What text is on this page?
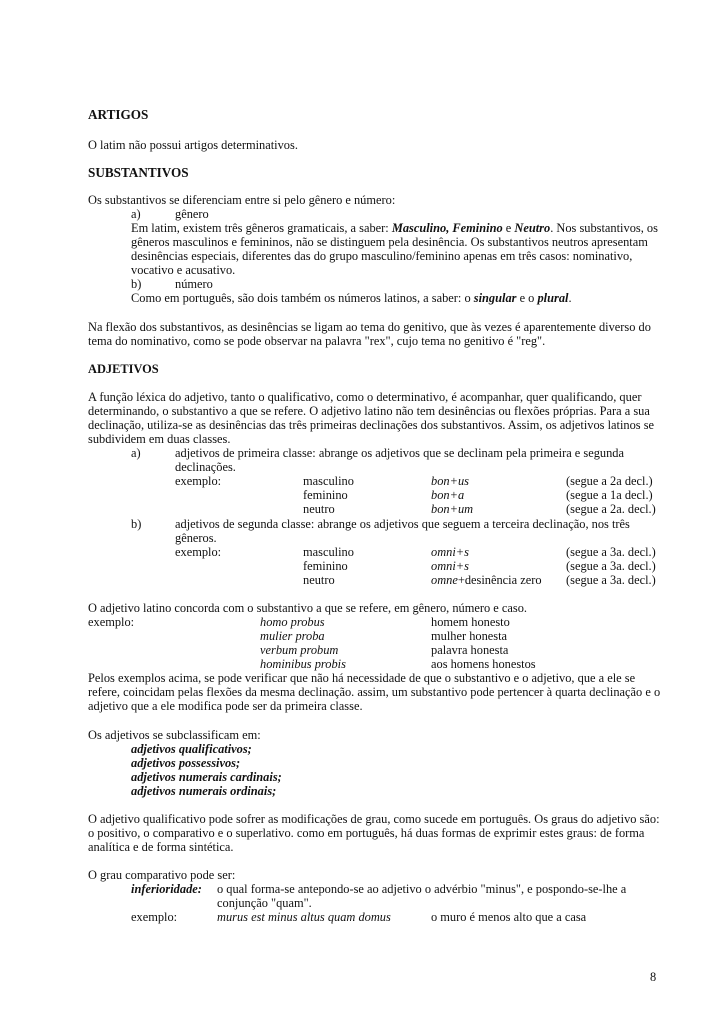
ARTIGOS
O latim não possui artigos determinativos.
SUBSTANTIVOS
Os substantivos se diferenciam entre si pelo gênero e número:
a)	gênero
Em latim, existem três gêneros gramaticais, a saber: Masculino, Feminino e Neutro. Nos substantivos, os
gêneros masculinos e femininos, não se distinguem pela desinência. Os substantivos neutros apresentam
desinências especiais, diferentes das do grupo masculino/feminino apenas em três casos: nominativo,
vocativo e acusativo.
b)	número
Como em português, são dois também os números latinos, a saber: o singular e o plural.
Na flexão dos substantivos, as desinências se ligam ao tema do genitivo, que às vezes é aparentemente diverso do
tema do nominativo, como se pode observar na palavra "rex", cujo tema no genitivo é "reg".
ADJETIVOS
A função léxica do adjetivo, tanto o qualificativo, como o determinativo, é acompanhar, quer qualificando, quer
determinando, o substantivo a que se refere. O adjetivo latino não tem desinências ou flexões próprias. Para a sua
declinação, utiliza-se as desinências das três primeiras declinações dos substantivos. Assim, os adjetivos latinos se
subdividem em duas classes.
a)	adjetivos de primeira classe: abrange os adjetivos que se declinam pela primeira e segunda
declinações.
exemplo:	masculino	bon+us	(segue a 2a decl.)
feminino	bon+a	(segue a 1a decl.)
neutro	bon+um	(segue a 2a. decl.)
b)	adjetivos de segunda classe: abrange os adjetivos que seguem a terceira declinação, nos três
gêneros.
exemplo:	masculino	omni+s	(segue a 3a. decl.)
feminino	omni+s	(segue a 3a. decl.)
neutro	omne+desinência zero (segue a 3a. decl.)
O adjetivo latino concorda com o substantivo a que se refere, em gênero, número e caso.
exemplo:	homo probus	homem honesto
mulier proba	mulher honesta
verbum probum	palavra honesta
hominibus probis	aos homens honestos
Pelos exemplos acima, se pode verificar que não há necessidade de que o substantivo e o adjetivo, que a ele se
refere, coincidam pelas flexões da mesma declinação. assim, um substantivo pode pertencer à quarta declinação e o
adjetivo que a ele modifica pode ser da primeira classe.
Os adjetivos se subclassificam em:
adjetivos qualificativos;
adjetivos possessivos;
adjetivos numerais cardinais;
adjetivos numerais ordinais;
O adjetivo qualificativo pode sofrer as modificações de grau, como sucede em português. Os graus do adjetivo são:
o positivo, o comparativo e o superlativo. como em português, há duas formas de exprimir estes graus: de forma
analítica e de forma sintética.
O grau comparativo pode ser:
inferioridade: o qual forma-se antepondo-se ao adjetivo o advérbio "minus", e pospondo-se-lhe a
conjunção "quam".
exemplo:	murus est minus altus quam domus	o muro é menos alto que a casa
8
